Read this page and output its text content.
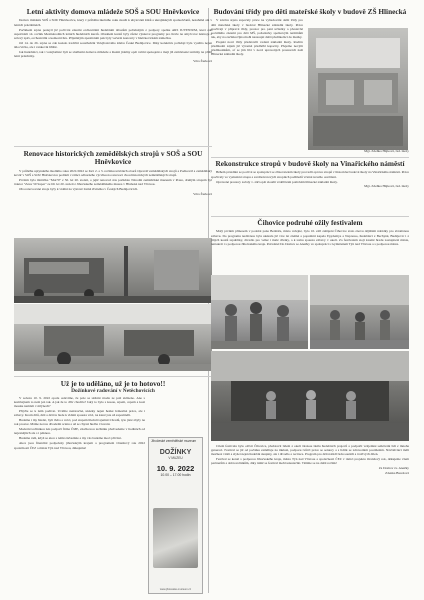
Letní aktivity domova mládeže SOŠ a SOU Hněvkovice

Domov mládeže SOŠ a SOU Hněvkovice, který v průběhu školního roku slouží k ubytování žáků a ukrajinských spoluobčanů, nezahálel ani v letních prázdninách.

Počátkem srpna poskytl již počtvrté zázemí orchestrální hudebním táborům pořádaným z podpory spolku ARS IUVENIUM, kterí zde uspořádali 14. ročník Mezinárodních letních hudebních kurzů. Obsahem kurzů byly různé výukové programy pro hráče na smyčcové nástroje a sólový zpěv, orchestrální a komorní hru. Přijemným zpestřením pak byly večerní koncerty v hněvkovickém zámečku.

Od 14. do 26. srpna se zde konalo tradiční soustředění Volejbalového klubu České Budějovice. Díky kolektivu pořádají byla využita nejen tělocvična, ale i venkovní hřiště.

Jak hudebníci, tak i volejbalisté byli se službami domova mládeže a školní jídelny opět velmi spokojeni a mají již zamluvené termíny na příští letní prázdniny.

Věra Žurková

Renovace historických zemědělských strojů v SOŠ a SOU Hněvkovice

V průběhu uplynulého školního roku 2021/2022 se žáci 2. a 3. ročníku učebních oborů Opravář zemědělských strojů a Podkovář a zemědělský kovář v SOŠ a SOU Hněvkovice podíleli v rámci odborného výcviku na renovaci dvou historických zemědělských strojů.

Prvním byla mlátička "MA70" z 50. let 20. století, o jejíž renovaci nás požádalo Národní zemědělské muzeum v Praze, druhým strojem byl traktor "Zetor 50 Super" ze 60. let 20. století z Jihočeského zemědělského muzea v Hluboké nad Vltavou.

Oba renovované stroje byly k vidění na výstavě Země živitelka v Českých Budějovicích.

Věra Žurková

Už je to uděláno, už je to hotovo!!
Dožínkové radování v Netěchovicích

V sobotu 10. 9. 2022 opolu oslavíme, že pole se sklizní úrodu ze polí sklizeno. Ano s kombajnem to není jen tak. A jak že to dřív chodilo? Jaký to bylo s kosou, srpem, cepem a kozí mouku nemleli v mlýnech?

Přijďte se k nám podívat. Uvidíte nenáročné, ukázky nejen hezké řemeslné práce, ale i zábavy. Krom dílů, dětí a dětí tu bude k vidění spousta věcí, na které jste už zapomněli.

Budeme i my hledat, byli třeba a velcí, pod stupem hledali tajemství hradů, tyto jisté zbyly na rok prostor. Máme novou divadelní scénu a už se chystá hudba i bavení.

Moderní technikou nás podpoří firma ČME, značkovou techniku předvedeme v hodinách od nejzanějších ale s i pěknou.

Budeme rádi, když se akce s námi zúčastníte a my vás budeme moci přivítat.

Akce jsou finančně podpořeny jihočeským krajem a programem Oranžový rok 2022 společností ČEZ a města Týn nad Vltavou, děkujeme!

Jihočeské zemědělské muzeum
DOŽÍNKY
V MUZEU
10. 9. 2022
10.00 – 17.00 hodin
www.jihoceske-muzeum.cz
Budování třídy pro děti mateřské školy v budově ZŠ Hlinecká

V závěru srpna započaly práce na vybudování další třídy pro děti mateřské školy v budově Hlinecké základní školy. Práce spočívají v přípravě třídy, prostor pro paní učitelky a přestavbě sociálního zázemí pro děti MŠ, požadavky spolkovým termínům tak, aby na začátku října mohl nastoupit další předškoláci do školky.

Projekt nové třídy představili vedení základní školy. Rodiče předškolní zájem již výrazně předběhl kapacity. Přejeme novým předškolákům, ať se jim líbí v nově upravených prostorách naší Hlinecké základní školy.

Mgr. Zdeňka Hájková, řed. školy

Rekonstrukce stropů v budově školy na Vinařického náměstí

Během prázdnin se poctivě se spolupráci se zřizovatelem školy provedli opravu stropů v historické budově školy na Vinařického náměstí. Práce spočívaly ve vyztužení stropu a zavěšení nových stropních podhledů včetně nového osvětlení.

Opravené prostory začaly 1. září opět sloužit vzdělávání potřebám hlinecké základní školy.

Mgr. Zdeňka Hájková, řed. školy

Čihovice podruhé ožily festivalem

Malý prvním přínosem v podobě pana Bednáře, místo veřejné, bylo 10. září zahájení Čihovice stalo znovu dějištěm nabídky pro sbratřenou zábavu. Do programu nedávnou byla ukázala již více let známá a populární kapela Epydemye a Nepresso, hudebníci z Bechyně, Budějovic i z jiných koutů republiky, divadlo pro velké i malé diváky, a k tomu spousta zábavy v okolí. Za festivalem stojí kromě hradu zastupitelé města, tentokrát i s podporou Jihočeského kraje. Pořadatel Do Domov se Anežky ve spolupráci s Gymnáziem Týn nad Vltavou a s podporou města.

Cílem festivalu bylo oživit Čihovice, představit lidem z okolí širokou škálu hudebních projevů a podpořit vzájemné setkávání lidí z mnoha generací. Festival se již od počátku zaměřuje na inkluzi, podporu tvůrčí práce se seniory a s lidmi se zdravotním postižením. Návštěvníci měli možnost vidět a slyšet nejen hudební skupiny, ale i divadlo a recitace. Program pro děti nabídl řadu soutěží a tvořivých dílen.

Festival se konal s podporou Jihočeského kraje, města Týn nad Vltavou a společnosti ČEZ v rámci projektu Oranžový rok, děkujeme všem partnerům a dobrovolníkům, díky nimž se festival mohl uskutečnit. Těšíme se na další ročník!

Za Domov sv. Anežky

Zdenka Burešová
